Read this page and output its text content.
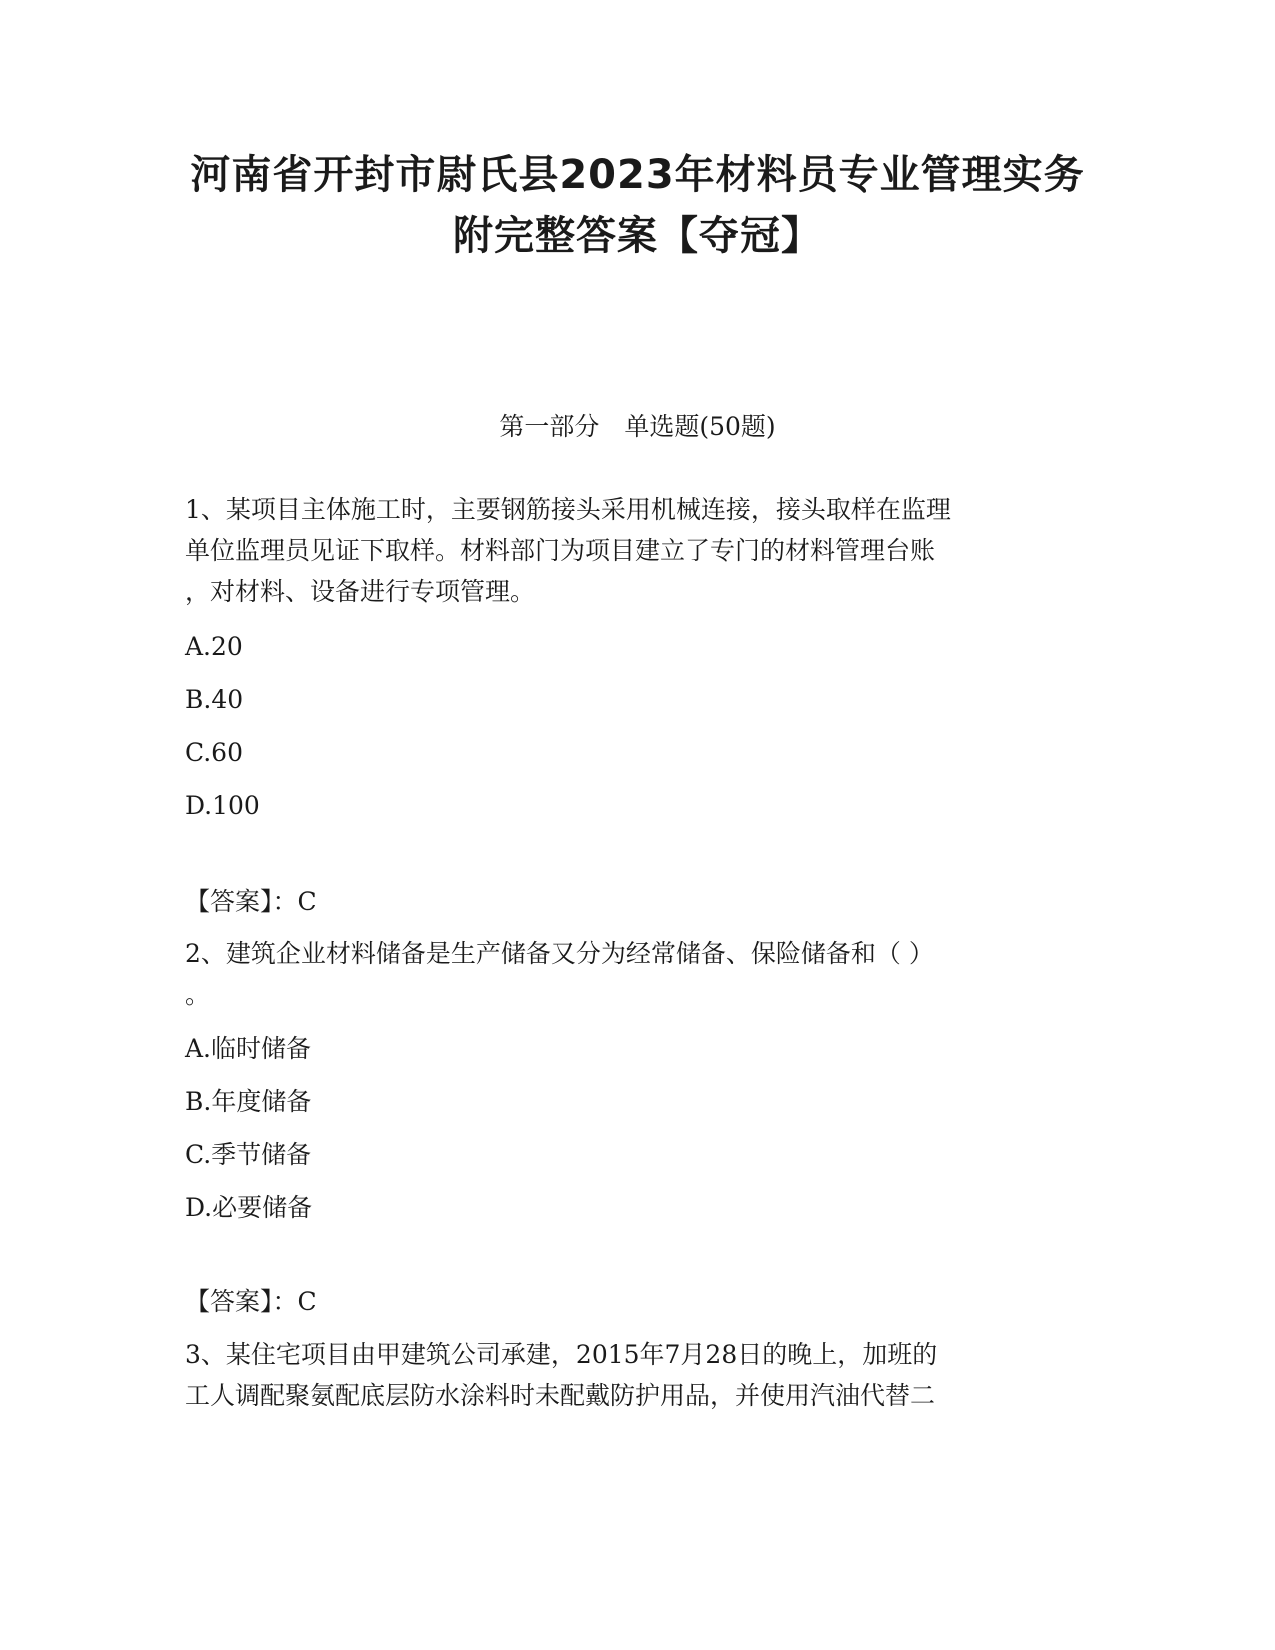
河南省开封市尉氏县2023年材料员专业管理实务
附完整答案【夺冠】

第一部分　单选题(50题)

1、某项目主体施工时，主要钢筋接头采用机械连接，接头取样在监理

单位监理员见证下取样。材料部门为项目建立了专门的材料管理台账

，对材料、设备进行专项管理。

A.20

B.40

C.60

D.100

【答案】：C

2、建筑企业材料储备是生产储备又分为经常储备、保险储备和（ ）

。

A.临时储备

B.年度储备

C.季节储备

D.必要储备

【答案】：C

3、某住宅项目由甲建筑公司承建，2015年7月28日的晚上，加班的

工人调配聚氨配底层防水涂料时未配戴防护用品，并使用汽油代替二
